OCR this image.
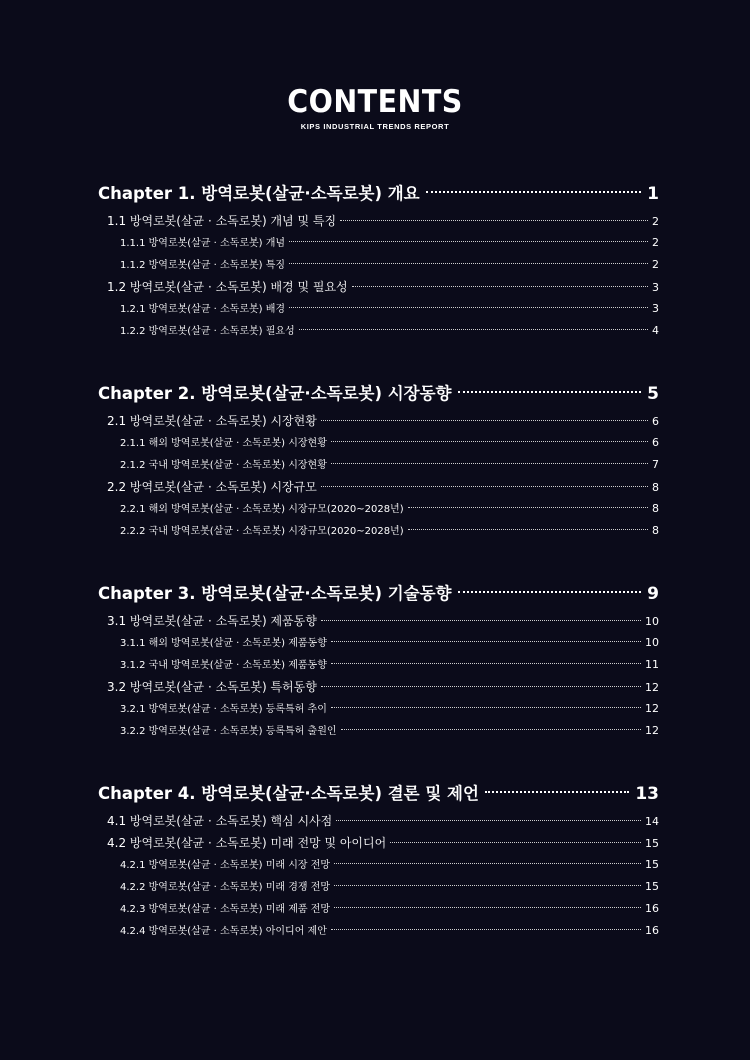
CONTENTS
KIPS INDUSTRIAL TRENDS REPORT
Chapter 1. 방역로봇(살균·소독로봇) 개요	1
1.1 방역로봇(살균 · 소독로봇) 개념 및 특징	2
1.1.1 방역로봇(살균 · 소독로봇) 개념	2
1.1.2 방역로봇(살균 · 소독로봇) 특징	2
1.2 방역로봇(살균 · 소독로봇) 배경 및 필요성	3
1.2.1 방역로봇(살균 · 소독로봇) 배경	3
1.2.2 방역로봇(살균 · 소독로봇) 필요성	4
Chapter 2. 방역로봇(살균·소독로봇) 시장동향	5
2.1 방역로봇(살균 · 소독로봇) 시장현황	6
2.1.1 해외 방역로봇(살균 · 소독로봇) 시장현황	6
2.1.2 국내 방역로봇(살균 · 소독로봇) 시장현황	7
2.2 방역로봇(살균 · 소독로봇) 시장규모	8
2.2.1 해외 방역로봇(살균 · 소독로봇) 시장규모(2020~2028년)	8
2.2.2 국내 방역로봇(살균 · 소독로봇) 시장규모(2020~2028년)	8
Chapter 3. 방역로봇(살균·소독로봇) 기술동향	9
3.1 방역로봇(살균 · 소독로봇) 제품동향	10
3.1.1 해외 방역로봇(살균 · 소독로봇) 제품동향	10
3.1.2 국내 방역로봇(살균 · 소독로봇) 제품동향	11
3.2 방역로봇(살균 · 소독로봇) 특허동향	12
3.2.1 방역로봇(살균 · 소독로봇) 등록특허 추이	12
3.2.2 방역로봇(살균 · 소독로봇) 등록특허 출원인	12
Chapter 4. 방역로봇(살균·소독로봇) 결론 및 제언	13
4.1 방역로봇(살균 · 소독로봇) 핵심 시사점	14
4.2 방역로봇(살균 · 소독로봇) 미래 전망 및 아이디어	15
4.2.1 방역로봇(살균 · 소독로봇) 미래 시장 전망	15
4.2.2 방역로봇(살균 · 소독로봇) 미래 경쟁 전망	15
4.2.3 방역로봇(살균 · 소독로봇) 미래 제품 전망	16
4.2.4 방역로봇(살균 · 소독로봇) 아이디어 제안	16
